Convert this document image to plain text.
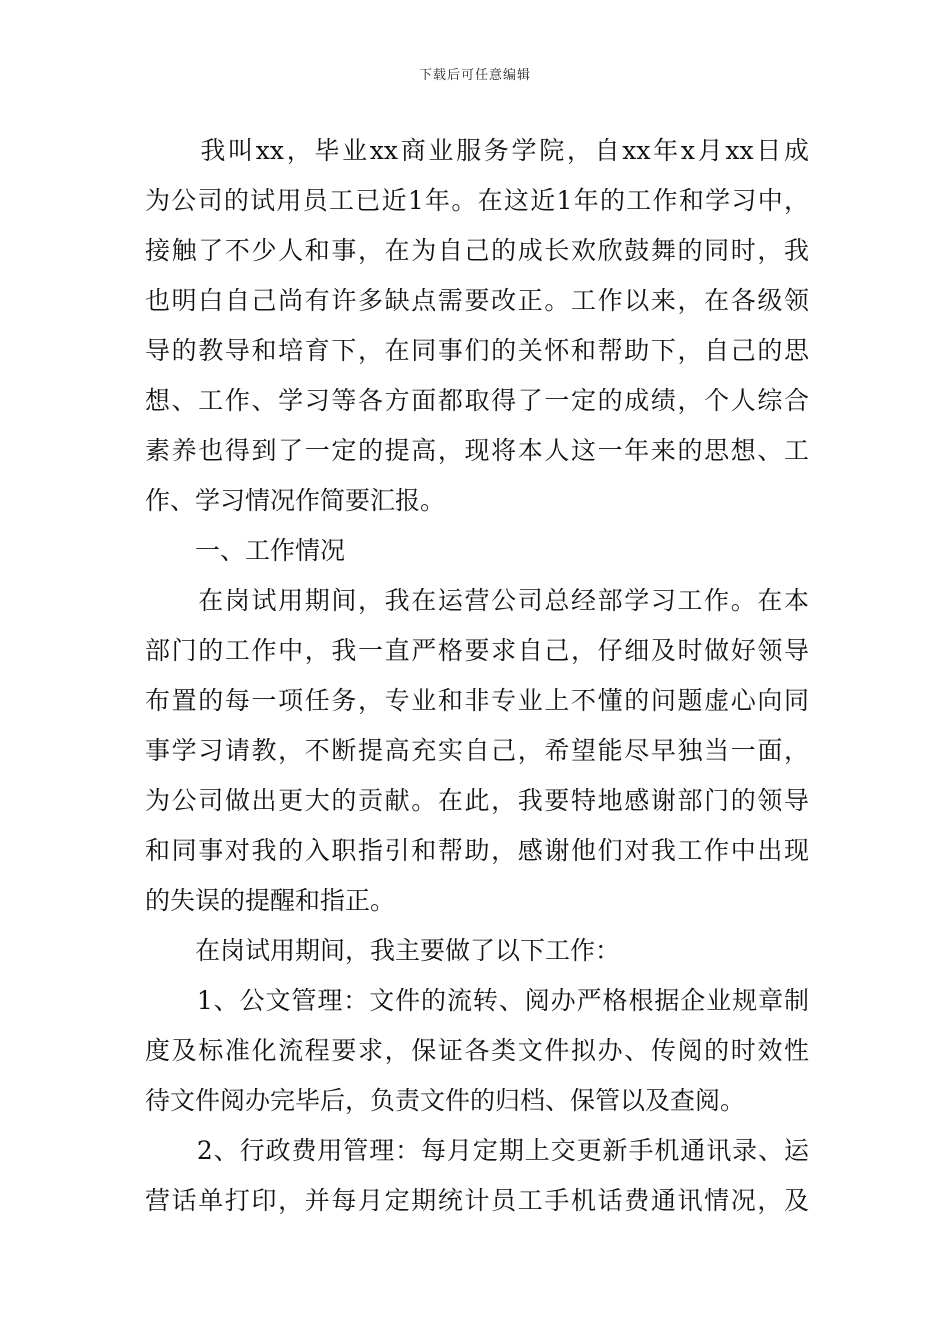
下载后可任意编辑
　　我叫xx，毕业xx商业服务学院，自xx年x月xx日成
为公司的试用员工已近1年。在这近1年的工作和学习中，
接触了不少人和事，在为自己的成长欢欣鼓舞的同时，我
也明白自己尚有许多缺点需要改正。工作以来，在各级领
导的教导和培育下，在同事们的关怀和帮助下，自己的思
想、工作、学习等各方面都取得了一定的成绩，个人综合
素养也得到了一定的提高，现将本人这一年来的思想、工
作、学习情况作简要汇报。
　　一、工作情况
　　在岗试用期间，我在运营公司总经部学习工作。在本
部门的工作中，我一直严格要求自己，仔细及时做好领导
布置的每一项任务，专业和非专业上不懂的问题虚心向同
事学习请教，不断提高充实自己，希望能尽早独当一面，
为公司做出更大的贡献。在此，我要特地感谢部门的领导
和同事对我的入职指引和帮助，感谢他们对我工作中出现
的失误的提醒和指正。
　　在岗试用期间，我主要做了以下工作：
　　1、公文管理：文件的流转、阅办严格根据企业规章制
度及标准化流程要求，保证各类文件拟办、传阅的时效性
待文件阅办完毕后，负责文件的归档、保管以及查阅。
　　2、行政费用管理：每月定期上交更新手机通讯录、运
营话单打印，并每月定期统计员工手机话费通讯情况，及
